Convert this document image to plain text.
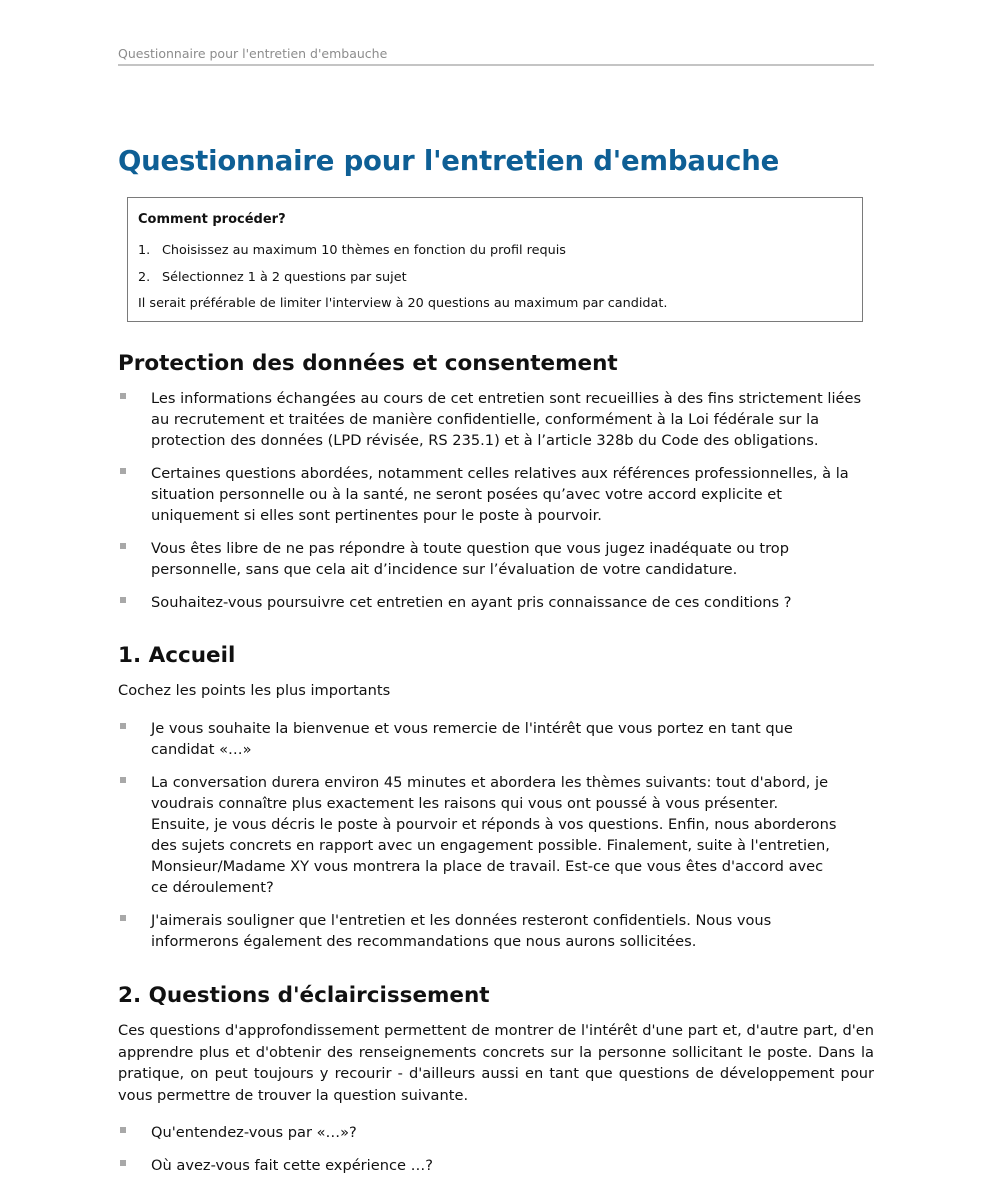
Questionnaire pour l'entretien d'embauche
Questionnaire pour l'entretien d'embauche
Comment procéder?
1. Choisissez au maximum 10 thèmes en fonction du profil requis
2. Sélectionnez 1 à 2 questions par sujet
Il serait préférable de limiter l'interview à 20 questions au maximum par candidat.
Protection des données et consentement
Les informations échangées au cours de cet entretien sont recueillies à des fins strictement liées au recrutement et traitées de manière confidentielle, conformément à la Loi fédérale sur la protection des données (LPD révisée, RS 235.1) et à l’article 328b du Code des obligations.
Certaines questions abordées, notamment celles relatives aux références professionnelles, à la situation personnelle ou à la santé, ne seront posées qu’avec votre accord explicite et uniquement si elles sont pertinentes pour le poste à pourvoir.
Vous êtes libre de ne pas répondre à toute question que vous jugez inadéquate ou trop personnelle, sans que cela ait d’incidence sur l’évaluation de votre candidature.
Souhaitez-vous poursuivre cet entretien en ayant pris connaissance de ces conditions ?
1. Accueil

Cochez les points les plus importants

Je vous souhaite la bienvenue et vous remercie de l'intérêt que vous portez en tant que candidat «…»
La conversation durera environ 45 minutes et abordera les thèmes suivants: tout d'abord, je voudrais connaître plus exactement les raisons qui vous ont poussé à vous présenter. Ensuite, je vous décris le poste à pourvoir et réponds à vos questions. Enfin, nous aborderons des sujets concrets en rapport avec un engagement possible. Finalement, suite à l'entretien, Monsieur/Madame XY vous montrera la place de travail. Est-ce que vous êtes d'accord avec ce déroulement?
J'aimerais souligner que l'entretien et les données resteront confidentiels. Nous vous informerons également des recommandations que nous aurons sollicitées.
2. Questions d'éclaircissement

Ces questions d'approfondissement permettent de montrer de l'intérêt d'une part et, d'autre part, d'en apprendre plus et d'obtenir des renseignements concrets sur la personne sollicitant le poste. Dans la pratique, on peut toujours y recourir - d'ailleurs aussi en tant que questions de développement pour vous permettre de trouver la question suivante.

Qu'entendez-vous par «…»?
Où avez-vous fait cette expérience …?
